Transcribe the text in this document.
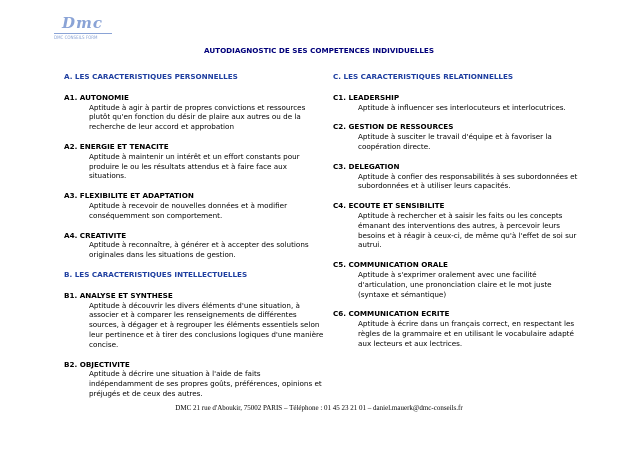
Dmc
DMC CONSEILS FORM
AUTODIAGNOSTIC DE SES COMPETENCES INDIVIDUELLES
A. LES CARACTERISTIQUES PERSONNELLES
A1. AUTONOMIE
Aptitude à agir à partir de propres convictions et ressources plutôt qu'en fonction du désir de plaire aux autres ou de la recherche de leur accord et approbation
A2. ENERGIE ET TENACITE
Aptitude à maintenir un intérêt et un effort constants pour produire le ou les résultats attendus et à faire face aux situations.
A3. FLEXIBILITE ET ADAPTATION
Aptitude à recevoir de nouvelles données et à modifier conséquemment son comportement.
A4. CREATIVITE
Aptitude à reconnaître, à générer et à accepter des solutions originales dans les situations de gestion.
B. LES CARACTERISTIQUES INTELLECTUELLES
B1. ANALYSE ET SYNTHESE
Aptitude à découvrir les divers éléments d'une situation, à associer et à comparer les renseignements de différentes sources, à dégager et à regrouper les éléments essentiels selon leur pertinence et à tirer des conclusions logiques d'une manière concise.
B2. OBJECTIVITE
Aptitude à décrire une situation à l'aide de faits indépendamment de ses propres goûts, préférences, opinions et préjugés et de ceux des autres.
C. LES CARACTERISTIQUES RELATIONNELLES
C1. LEADERSHIP
Aptitude à influencer ses interlocuteurs et interlocutrices.
C2. GESTION DE RESSOURCES
Aptitude à susciter le travail d'équipe et à favoriser la coopération directe.
C3. DELEGATION
Aptitude à confier des responsabilités à ses subordonnées et subordonnées et à utiliser leurs capacités.
C4. ECOUTE ET SENSIBILITE
Aptitude à rechercher et à saisir les faits ou les concepts émanant des interventions des autres, à percevoir leurs besoins et à réagir à ceux-ci, de même qu'à l'effet de soi sur autrui.
C5. COMMUNICATION ORALE
Aptitude à s'exprimer oralement avec une facilité d'articulation, une prononciation claire et le mot juste (syntaxe et sémantique)
C6. COMMUNICATION ECRITE
Aptitude à écrire dans un français correct, en respectant les règles de la grammaire et en utilisant le vocabulaire adapté aux lecteurs et aux lectrices.
DMC 21 rue d'Aboukir, 75002 PARIS – Téléphone : 01 45 23 21 01 – daniel.mauerk@dmc-conseils.fr
